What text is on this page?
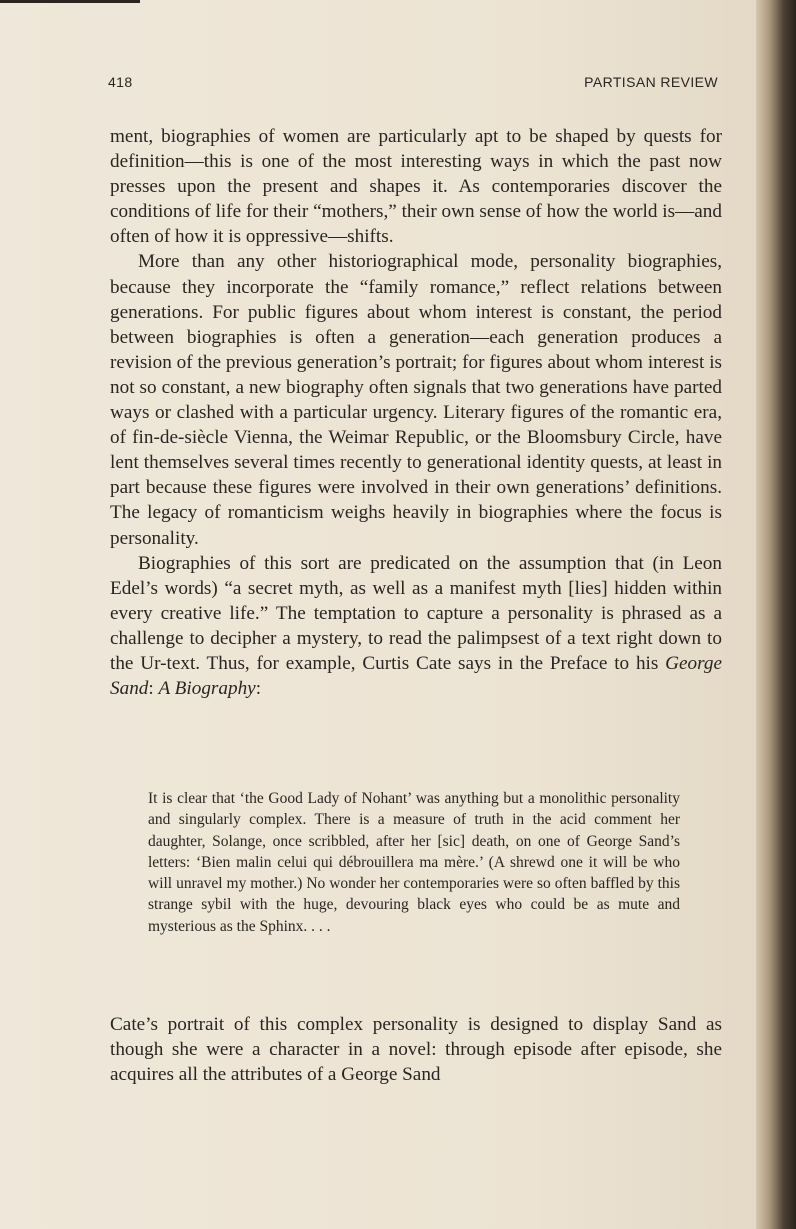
418	PARTISAN REVIEW

ment, biographies of women are particularly apt to be shaped by quests for definition—this is one of the most interesting ways in which the past now presses upon the present and shapes it. As contemporaries discover the conditions of life for their “mothers,” their own sense of how the world is—and often of how it is oppressive—shifts.

More than any other historiographical mode, personality biographies, because they incorporate the “family romance,” reflect relations between generations. For public figures about whom interest is constant, the period between biographies is often a generation—each generation produces a revision of the previous generation’s portrait; for figures about whom interest is not so constant, a new biography often signals that two generations have parted ways or clashed with a particular urgency. Literary figures of the romantic era, of fin-de-siècle Vienna, the Weimar Republic, or the Bloomsbury Circle, have lent themselves several times recently to generational identity quests, at least in part because these figures were involved in their own generations’ definitions. The legacy of romanticism weighs heavily in biographies where the focus is personality.

Biographies of this sort are predicated on the assumption that (in Leon Edel’s words) “a secret myth, as well as a manifest myth [lies] hidden within every creative life.” The temptation to capture a personality is phrased as a challenge to decipher a mystery, to read the palimpsest of a text right down to the Ur-text. Thus, for example, Curtis Cate says in the Preface to his George Sand: A Biography:

It is clear that ‘the Good Lady of Nohant’ was anything but a monolithic personality and singularly complex. There is a measure of truth in the acid comment her daughter, Solange, once scribbled, after her [sic] death, on one of George Sand’s letters: ‘Bien malin celui qui débrouillera ma mère.’ (A shrewd one it will be who will unravel my mother.) No wonder her contemporaries were so often baffled by this strange sybil with the huge, devouring black eyes who could be as mute and mysterious as the Sphinx. . . .

Cate’s portrait of this complex personality is designed to display Sand as though she were a character in a novel: through episode after episode, she acquires all the attributes of a George Sand
